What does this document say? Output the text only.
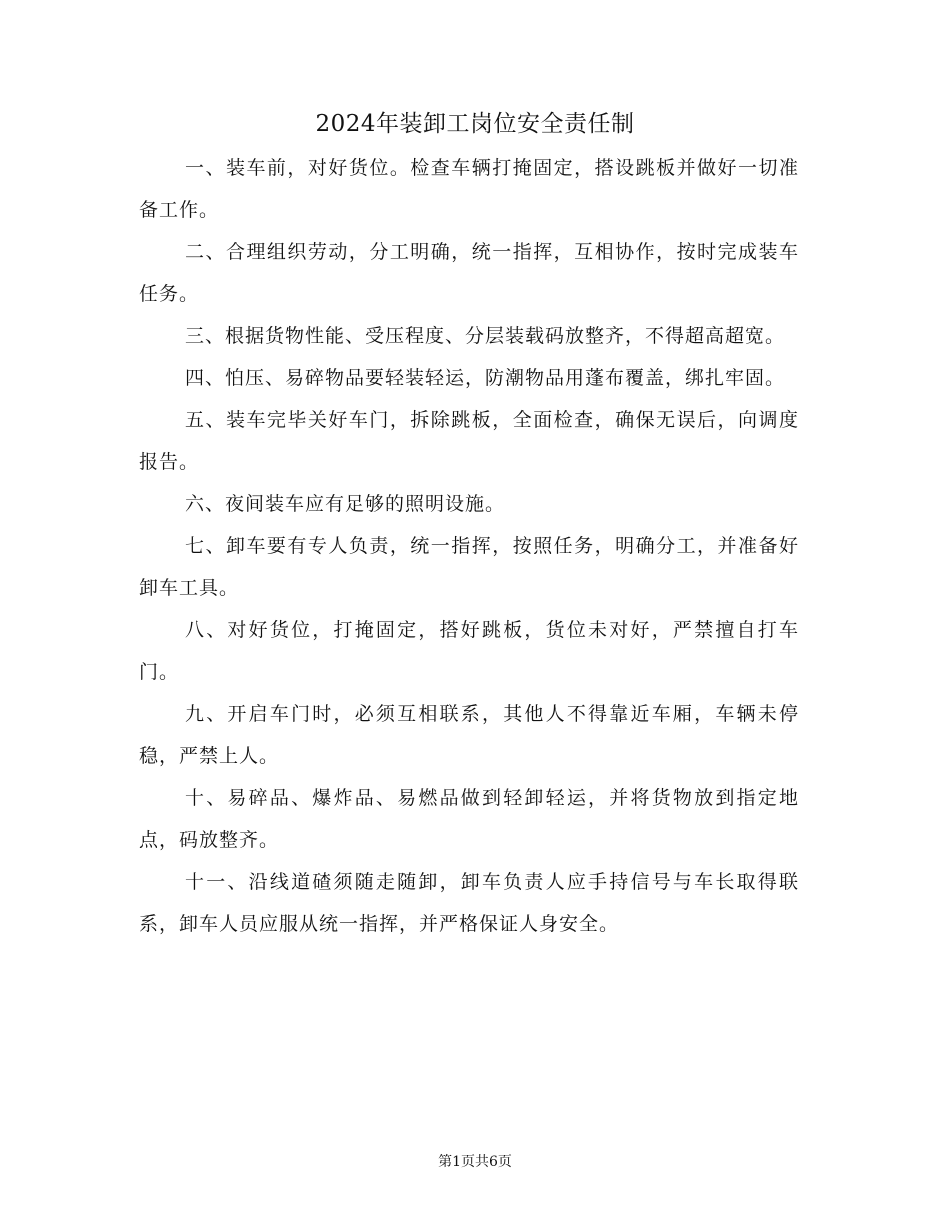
2024年装卸工岗位安全责任制

一、装车前，对好货位。检查车辆打掩固定，搭设跳板并做好一切准备工作。

二、合理组织劳动，分工明确，统一指挥，互相协作，按时完成装车任务。

三、根据货物性能、受压程度、分层装载码放整齐，不得超高超宽。

四、怕压、易碎物品要轻装轻运，防潮物品用蓬布覆盖，绑扎牢固。

五、装车完毕关好车门，拆除跳板，全面检查，确保无误后，向调度报告。

六、夜间装车应有足够的照明设施。

七、卸车要有专人负责，统一指挥，按照任务，明确分工，并准备好卸车工具。

八、对好货位，打掩固定，搭好跳板，货位未对好，严禁擅自打车门。

九、开启车门时，必须互相联系，其他人不得靠近车厢，车辆未停稳，严禁上人。

十、易碎品、爆炸品、易燃品做到轻卸轻运，并将货物放到指定地点，码放整齐。

十一、沿线道碴须随走随卸，卸车负责人应手持信号与车长取得联系，卸车人员应服从统一指挥，并严格保证人身安全。

第1页共6页
